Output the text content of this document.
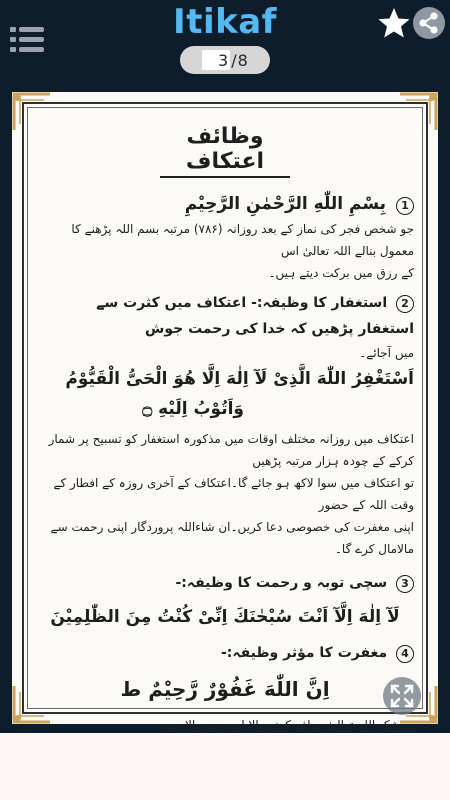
Itikaf
3
/ 8
وظائف اعتکاف
1 بِسْمِ اللّٰهِ الرَّحْمٰنِ الرَّحِیْمِ

جو شخص فجر کی نماز کے بعد روزانہ (۷۸۶) مرتبہ بسم اللہ پڑھنے کا معمول بنالے اللہ تعالیٰ اس

کے رزق میں برکت دیتے ہیں۔

2 استغفار کا وظیفہ:- اعتکاف میں کثرت سے استغفار پڑھیں کہ خدا کی رحمت جوش

میں آجائے۔

اَسْتَغْفِرُ اللّٰهَ الَّذِیْ لَآ اِلٰهَ اِلَّا هُوَ الْحَیُّ الْقَیُّوْمُ

وَاَتُوْبُ اِلَیْهِ ۝

اعتکاف میں روزانہ مختلف اوقات میں مذکورہ استغفار کو تسبیح پر شمار کرکے کے چودہ ہزار مرتبہ پڑھیں

تو اعتکاف میں سوا لاکھ ہو جائے گا۔اعتکاف کے آخری روزہ کے افطار کے وقت اللہ کے حضور

اپنی مغفرت کی خصوصی دعا کریں۔ان شاءاللہ پروردگار اپنی رحمت سے مالامال کرے گا۔

3 سچی توبہ و رحمت کا وظیفہ:-

لَآ اِلٰهَ اِلَّآ اَنْتَ سُبْحٰنَكَ اِنِّیْ كُنْتُ مِنَ الظّٰلِمِیْنَ

4 مغفرت کا مؤثر وظیفہ:-

اِنَّ اللّٰهَ غَفُوْرٌ رَّحِیْمٌ ط

بے شک اللہ تعالیٰ معاف کرنے والا اور رحم والا ہے۔
